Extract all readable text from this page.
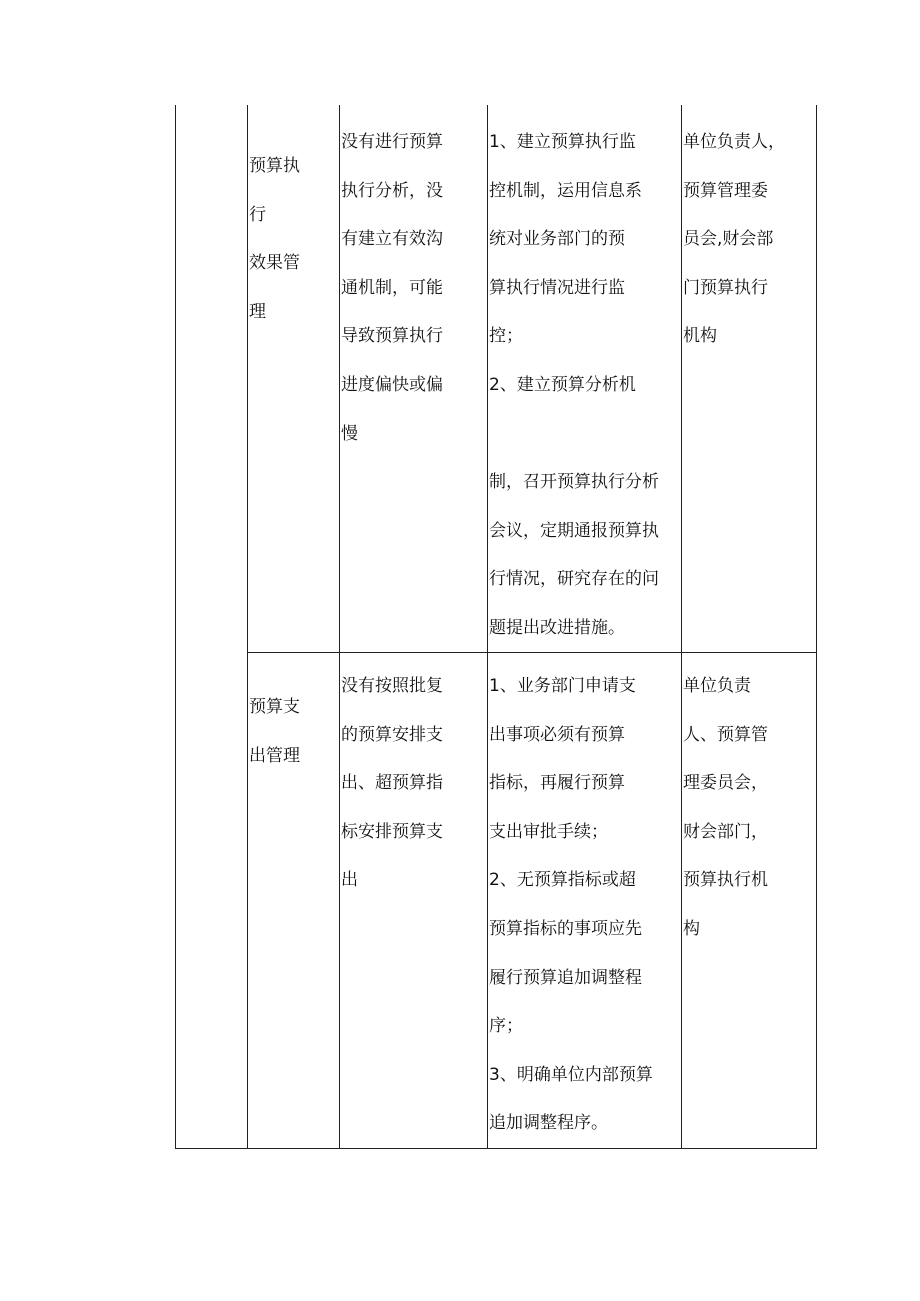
预算执
行
效果管
理
没有进行预算
执行分析，没
有建立有效沟
通机制，可能
导致预算执行
进度偏快或偏
慢
1、建立预算执行监
控机制，运用信息系
统对业务部门的预
算执行情况进行监
控；
2、建立预算分析机
制，召开预算执行分析
会议，定期通报预算执
行情况，研究存在的问
题提出改进措施。
单位负责人，
预算管理委
员会,财会部
门预算执行
机构
预算支
出管理
没有按照批复
的预算安排支
出、超预算指
标安排预算支
出
1、业务部门申请支
出事项必须有预算
指标，再履行预算
支出审批手续；
2、无预算指标或超
预算指标的事项应先
履行预算追加调整程
序；
3、明确单位内部预算
追加调整程序。
单位负责
人、预算管
理委员会，
财会部门，
预算执行机
构
